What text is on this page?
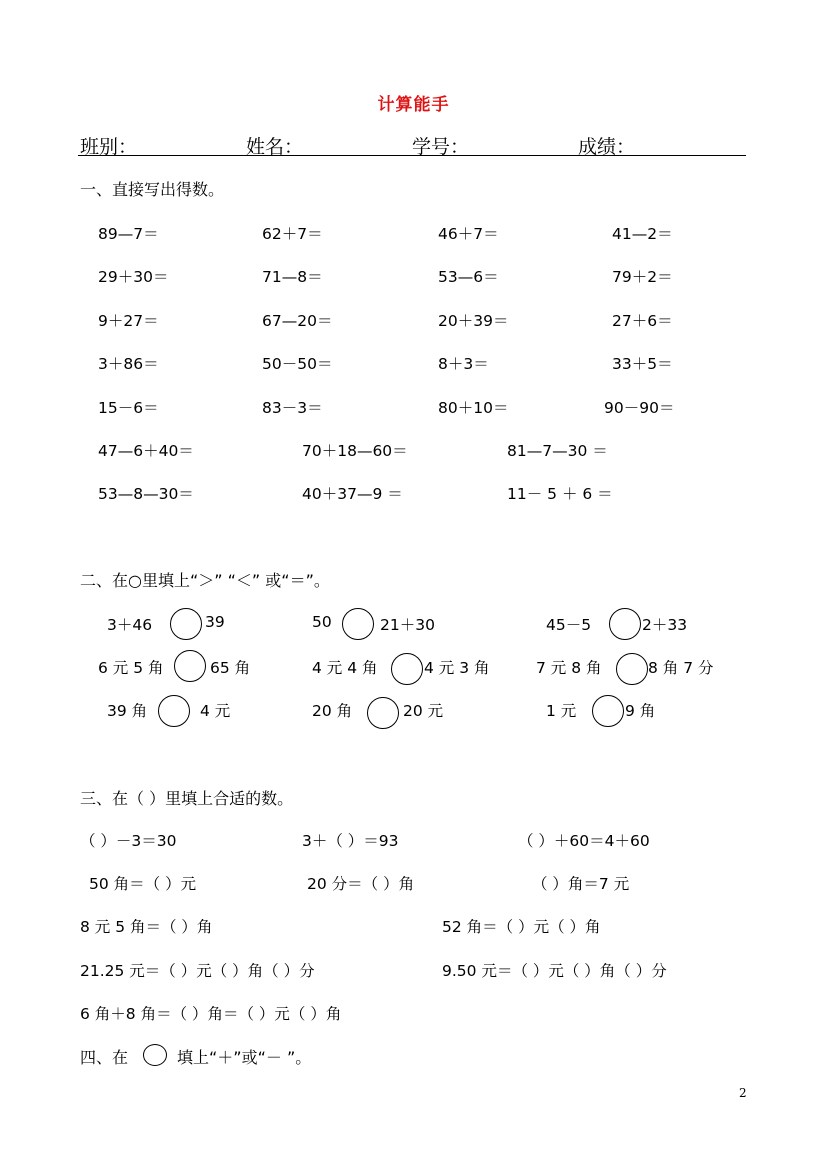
计算能手
班别：	姓名：	学号：	成绩：
一、直接写出得数。
89—7＝	62＋7＝	46＋7＝	41—2＝
29＋30＝	71—8＝	53—6＝	79＋2＝
9＋27＝	67—20＝	20＋39＝	27＋6＝
3＋86＝	50－50＝	8＋3＝	33＋5＝
15－6＝	83－3＝	80＋10＝	90－90＝
47—6＋40＝	70＋18—60＝	81—7—30 ＝
53—8—30＝	40＋37—9 ＝	11－ 5 ＋ 6 ＝
二、在○里填上“＞” “＜” 或“＝”。
3＋46	39	50	21＋30	45－5	2＋33
6 元 5 角	65 角	4 元 4 角	4 元 3 角	7 元 8 角	8 角 7 分
39 角	4 元	20 角	20 元	1 元	9 角
三、在（ ）里填上合适的数。
（ ）－3＝30	3＋（ ）＝93	（ ）＋60＝4＋60
50 角＝（ ）元	20 分＝（ ）角	（ ）角＝7 元
8 元 5 角＝（ ）角	52 角＝（ ）元（ ）角
21.25 元＝（ ）元（ ）角（ ）分	9.50 元＝（ ）元（ ）角（ ）分
6 角＋8 角＝（ ）角＝（ ）元（ ）角
四、在	填上“＋”或“－ ”。
2
